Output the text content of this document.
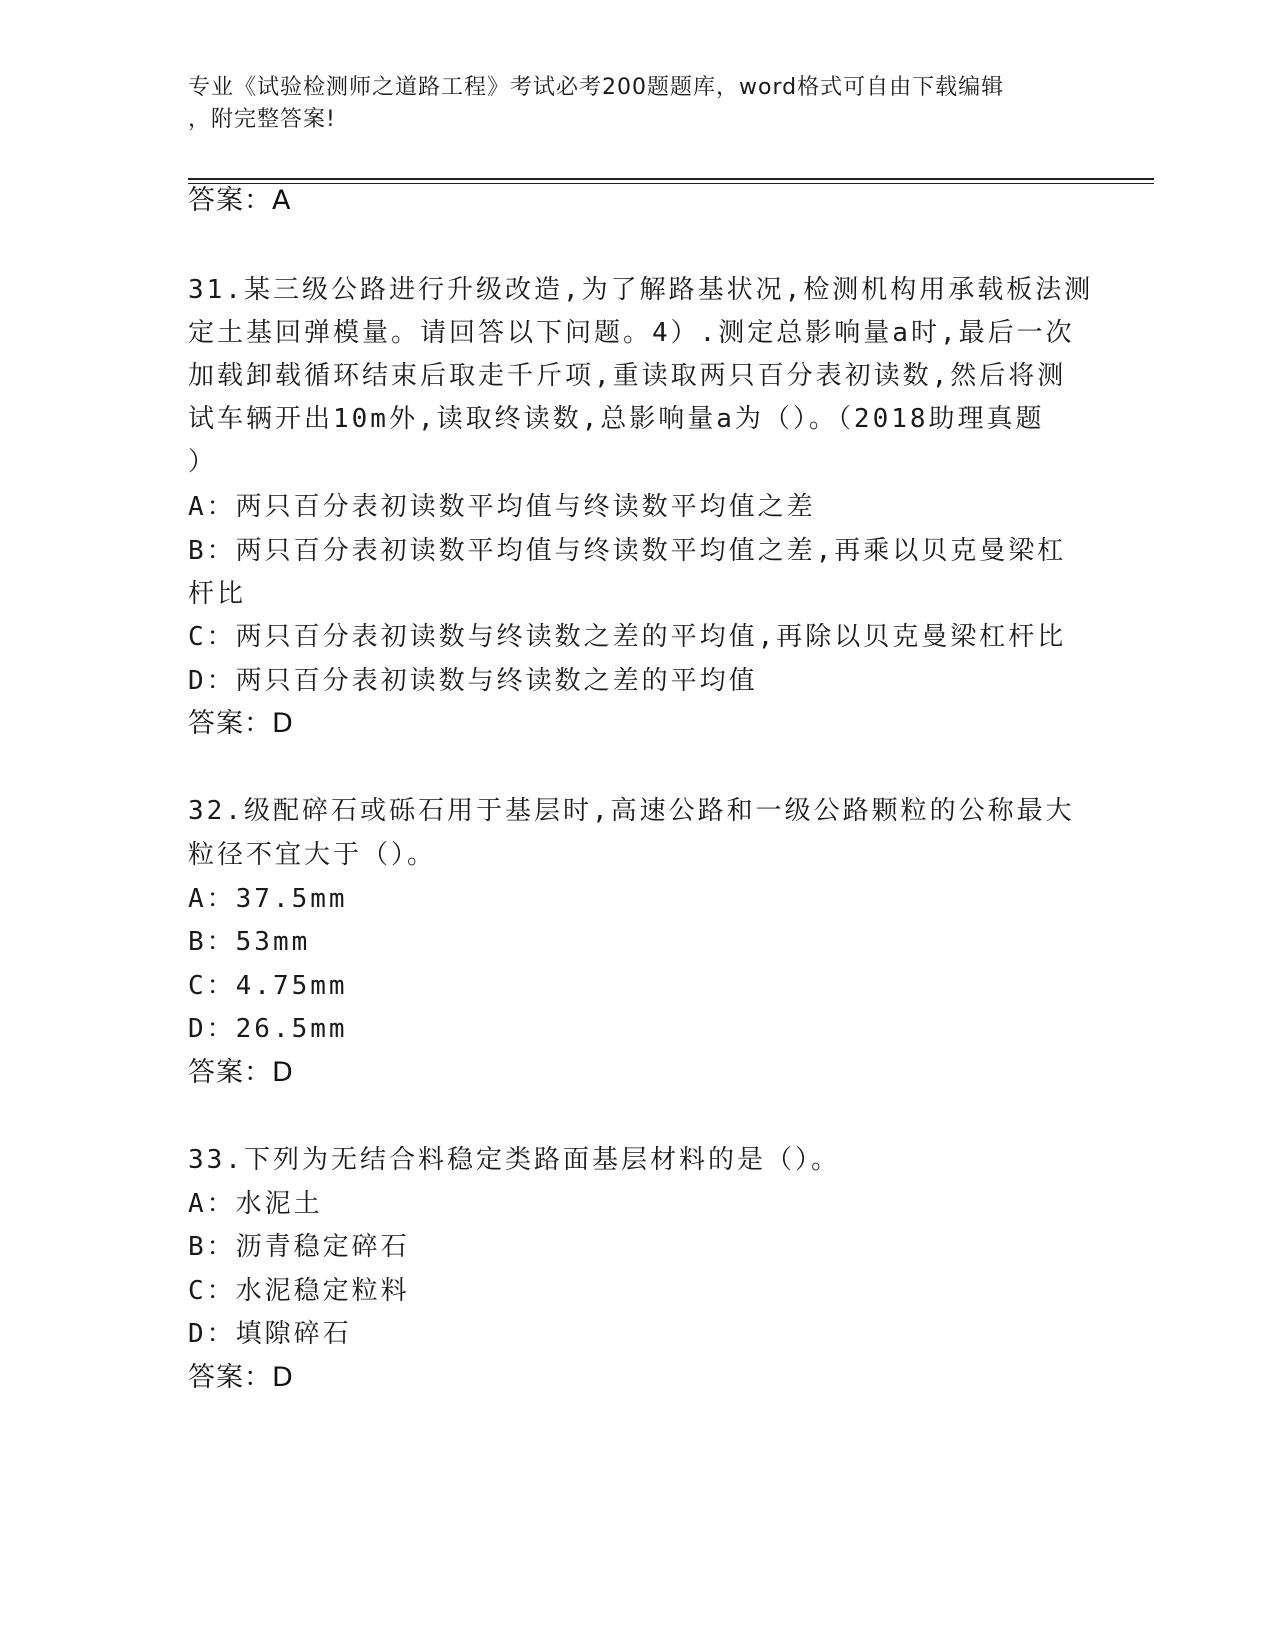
专业《试验检测师之道路工程》考试必考200题题库，word格式可自由下载编辑
，附完整答案!
答案：A
31.某三级公路进行升级改造,为了解路基状况,检测机构用承载板法测
定土基回弹模量。请回答以下问题。4）.测定总影响量a时,最后一次
加载卸载循环结束后取走千斤项,重读取两只百分表初读数,然后将测
试车辆开出10m外,读取终读数,总影响量a为（）。（2018助理真题
）
A：两只百分表初读数平均值与终读数平均值之差
B：两只百分表初读数平均值与终读数平均值之差,再乘以贝克曼梁杠
杆比
C：两只百分表初读数与终读数之差的平均值,再除以贝克曼梁杠杆比
D：两只百分表初读数与终读数之差的平均值
答案：D
32.级配碎石或砾石用于基层时,高速公路和一级公路颗粒的公称最大
粒径不宜大于（）。
A：37.5mm
B：53mm
C：4.75mm
D：26.5mm
答案：D
33.下列为无结合料稳定类路面基层材料的是（）。
A：水泥土
B：沥青稳定碎石
C：水泥稳定粒料
D：填隙碎石
答案：D
